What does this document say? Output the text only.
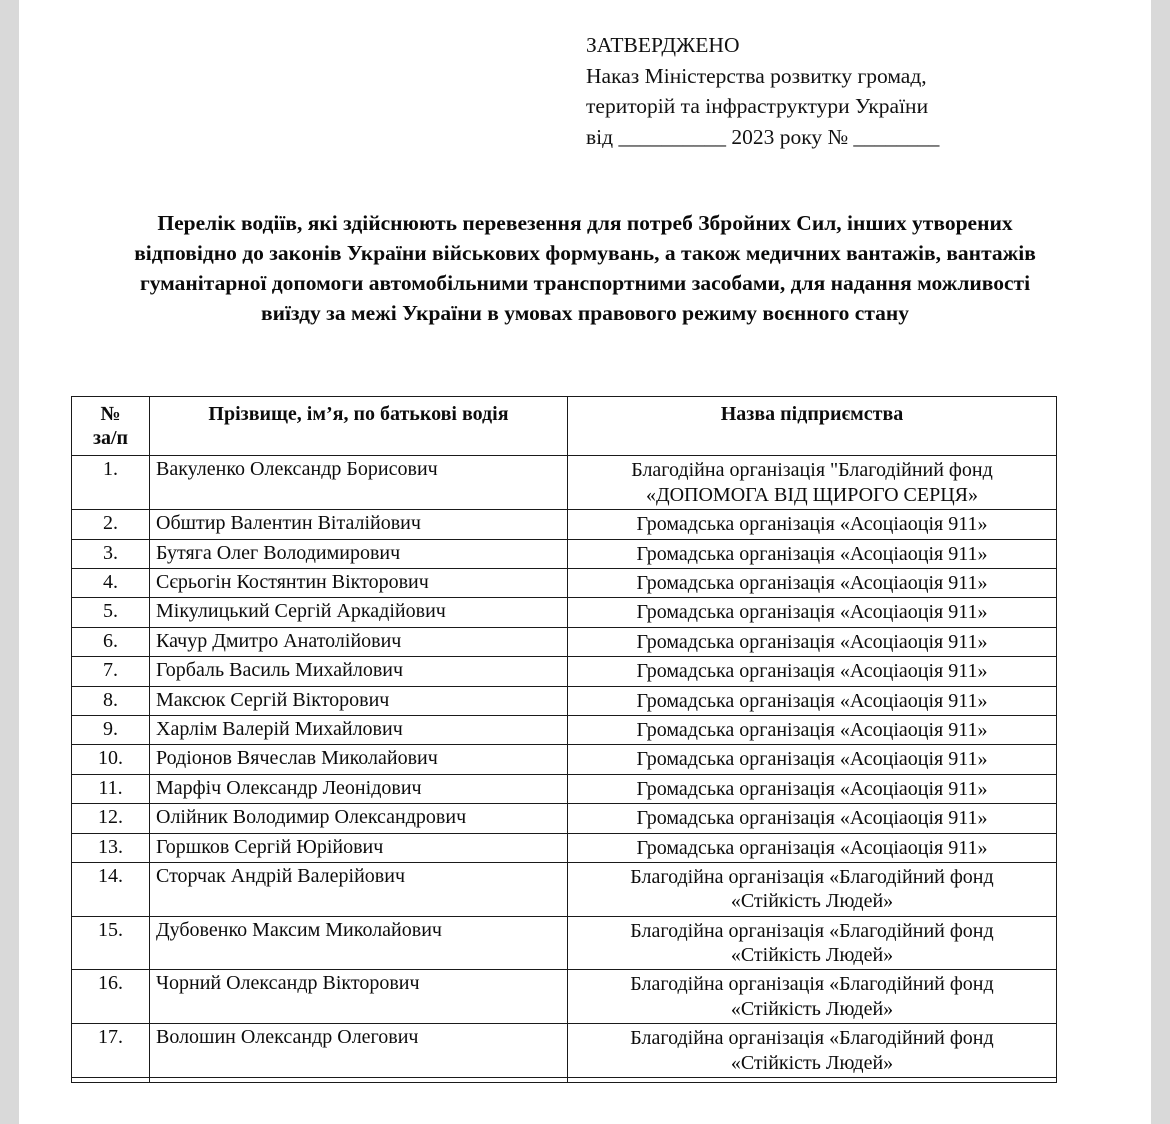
ЗАТВЕРДЖЕНО
Наказ Міністерства розвитку громад,
територій та інфраструктури України
від __________ 2023 року № ________
Перелік водіїв, які здійснюють перевезення для потреб Збройних Сил, інших утворених відповідно до законів України військових формувань, а також медичних вантажів, вантажів гуманітарної допомоги автомобільними транспортними засобами, для надання можливості виїзду за межі України в умовах правового режиму воєнного стану
№
за/п	Прізвище, ім’я, по батькові водія	Назва підприємства
1.	Вакуленко Олександр Борисович	Благодійна організація "Благодійний фонд
«ДОПОМОГА ВІД ЩИРОГО СЕРЦЯ»

2.	Обштир Валентин Віталійович	Громадська організація «Асоціаоція 911»
3.	Бутяга Олег Володимирович	Громадська організація «Асоціаоція 911»
4.	Сєрьогін Костянтин Вікторович	Громадська організація «Асоціаоція 911»
5.	Мікулицький Сергій Аркадійович	Громадська організація «Асоціаоція 911»
6.	Качур Дмитро Анатолійович	Громадська організація «Асоціаоція 911»
7.	Горбаль Василь Михайлович	Громадська організація «Асоціаоція 911»
8.	Максюк Сергій Вікторович	Громадська організація «Асоціаоція 911»
9.	Харлім Валерій Михайлович	Громадська організація «Асоціаоція 911»
10.	Родіонов Вячеслав Миколайович	Громадська організація «Асоціаоція 911»
11.	Марфіч Олександр Леонідович	Громадська організація «Асоціаоція 911»
12.	Олійник Володимир Олександрович	Громадська організація «Асоціаоція 911»
13.	Горшков Сергій Юрійович	Громадська організація «Асоціаоція 911»
14.	Сторчак Андрій Валерійович	Благодійна організація «Благодійний фонд
«Стійкість Людей»

15.	Дубовенко Максим Миколайович	Благодійна організація «Благодійний фонд
«Стійкість Людей»

16.	Чорний Олександр Вікторович	Благодійна організація «Благодійний фонд
«Стійкість Людей»

17.	Волошин Олександр Олегович	Благодійна організація «Благодійний фонд
«Стійкість Людей»
